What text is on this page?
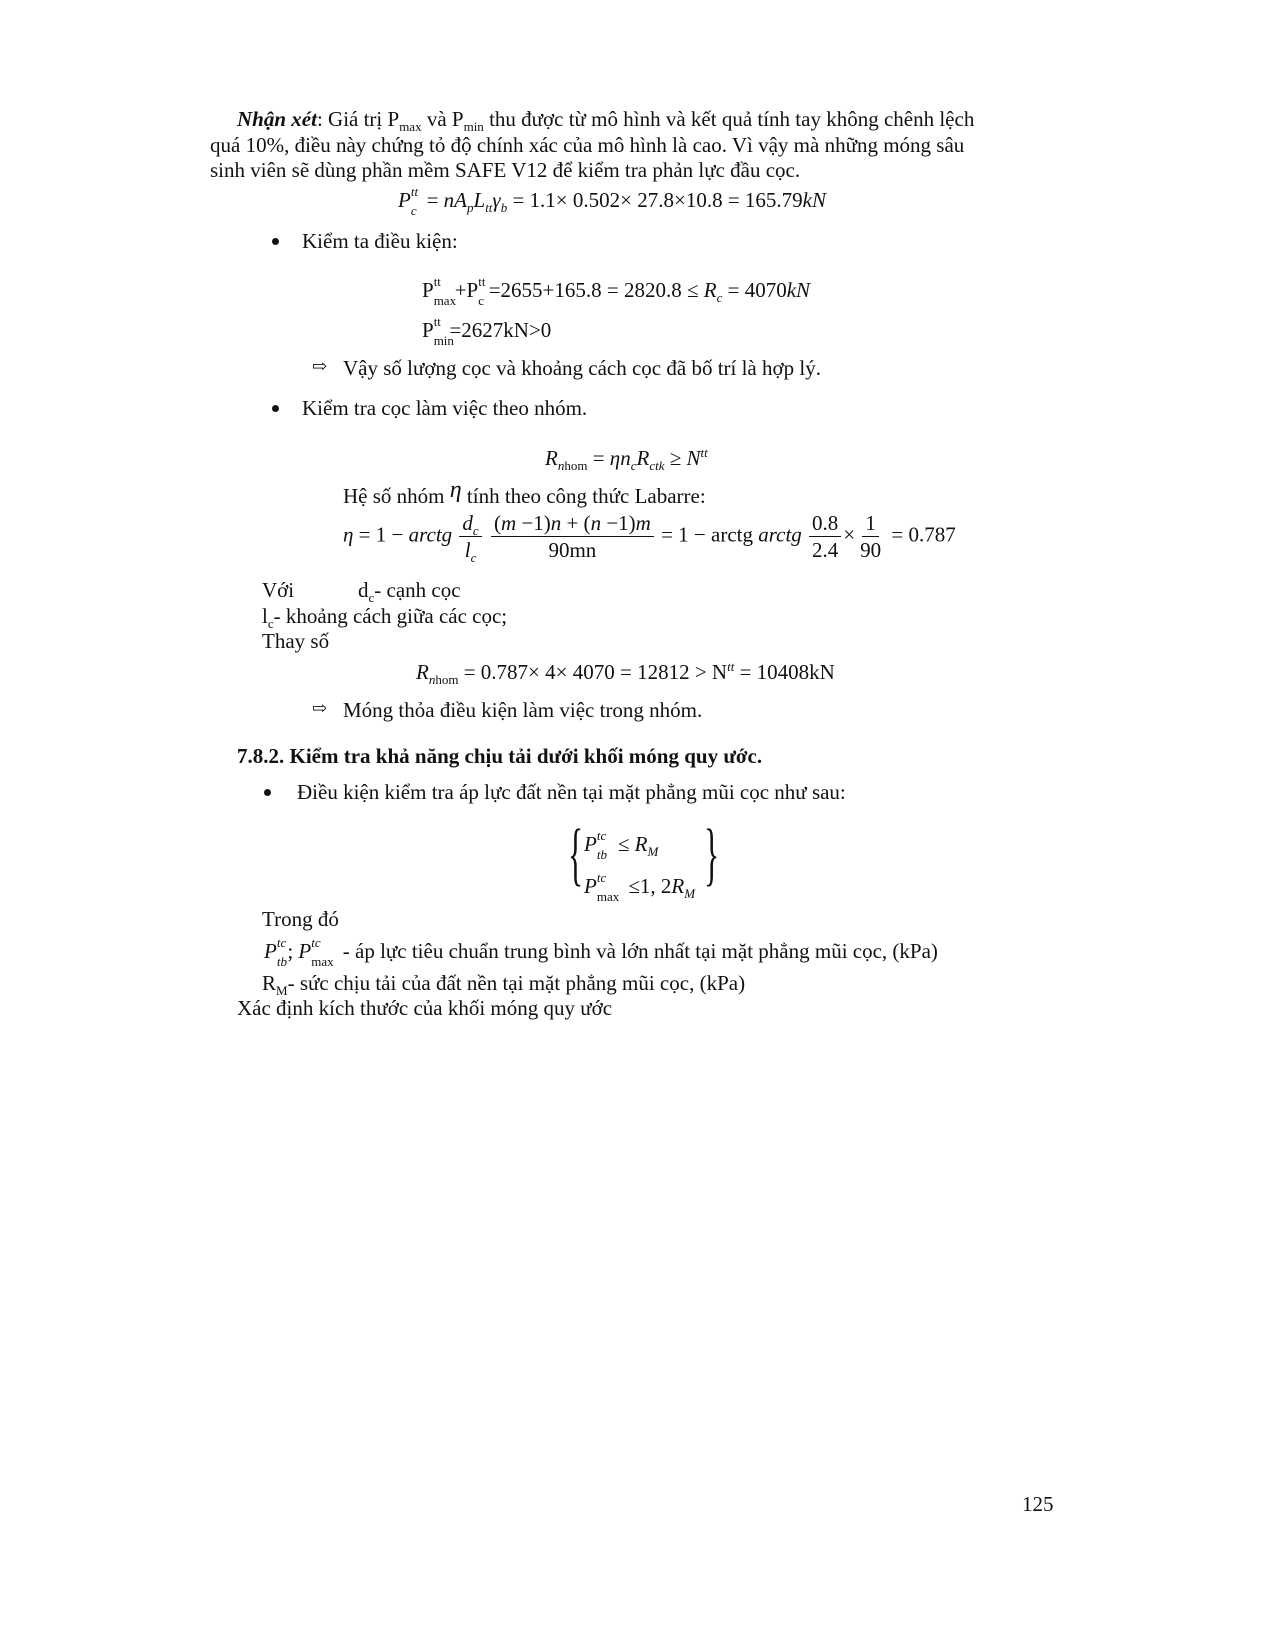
Nhận xét: Giá trị $P_{max}$ và $P_{min}$ thu được từ mô hình và kết quả tính tay không chênh lệch
quá 10%, điều này chứng tỏ độ chính xác của mô hình là cao. Vì vậy mà những móng sâu
sinh viên sẽ dùng phần mềm SAFE V12 để kiểm tra phản lực đầu cọc.
P tt
$c = nA_pL_{tt}\gamma_b = 1.1\times 0.502\times 27.8\times 10.8 = 165.79kN$
Kiểm ta điều kiện:
P tt
max
+P tt
$c =2655+165.8 = 2820.8 \le R_c = 4070kN$
P tt
min
=2627kN>0
⇨ Vậy số lượng cọc và khoảng cách cọc đã bố trí là hợp lý.
Kiểm tra cọc làm việc theo nhóm.
$R_{nhom} = \eta n_cR_{ctk} \ge N^{tt}$
Hệ số nhóm η tính theo công thức Labarre:
η = 1 − arctg $\frac{d_c}{l_c}$
$\frac{(m -1)n + (n -1)m}{90mn} = 1$ − arctg arctg $\frac{0.8}{2.4} \times \frac{1}{90} = 0.787$
Với	$d_c-$ cạnh cọc
$l_c-$ khoảng cách giữa các cọc;
Thay số
$R_{nhom} = 0.787\times 4\times 4070 = 12812 > N^{tt} = 10408kN$
⇨ Móng thỏa điều kiện làm việc trong nhóm.
7.8.2. Kiểm tra khả năng chịu tải dưới khối móng quy ước.
Điều kiện kiểm tra áp lực đất nền tại mặt phẳng mũi cọc như sau:
{ }
P tc
tb ≤ $R_M$
P tc
max ≤1, $2R_M$
Trong đó
P tc
tb ; P tc
max - áp lực tiêu chuẩn trung bình và lớn nhất tại mặt phẳng mũi cọc, (kPa)
$R_M-$ sức chịu tải của đất nền tại mặt phẳng mũi cọc, (kPa)
Xác định kích thước của khối móng quy ước
125
